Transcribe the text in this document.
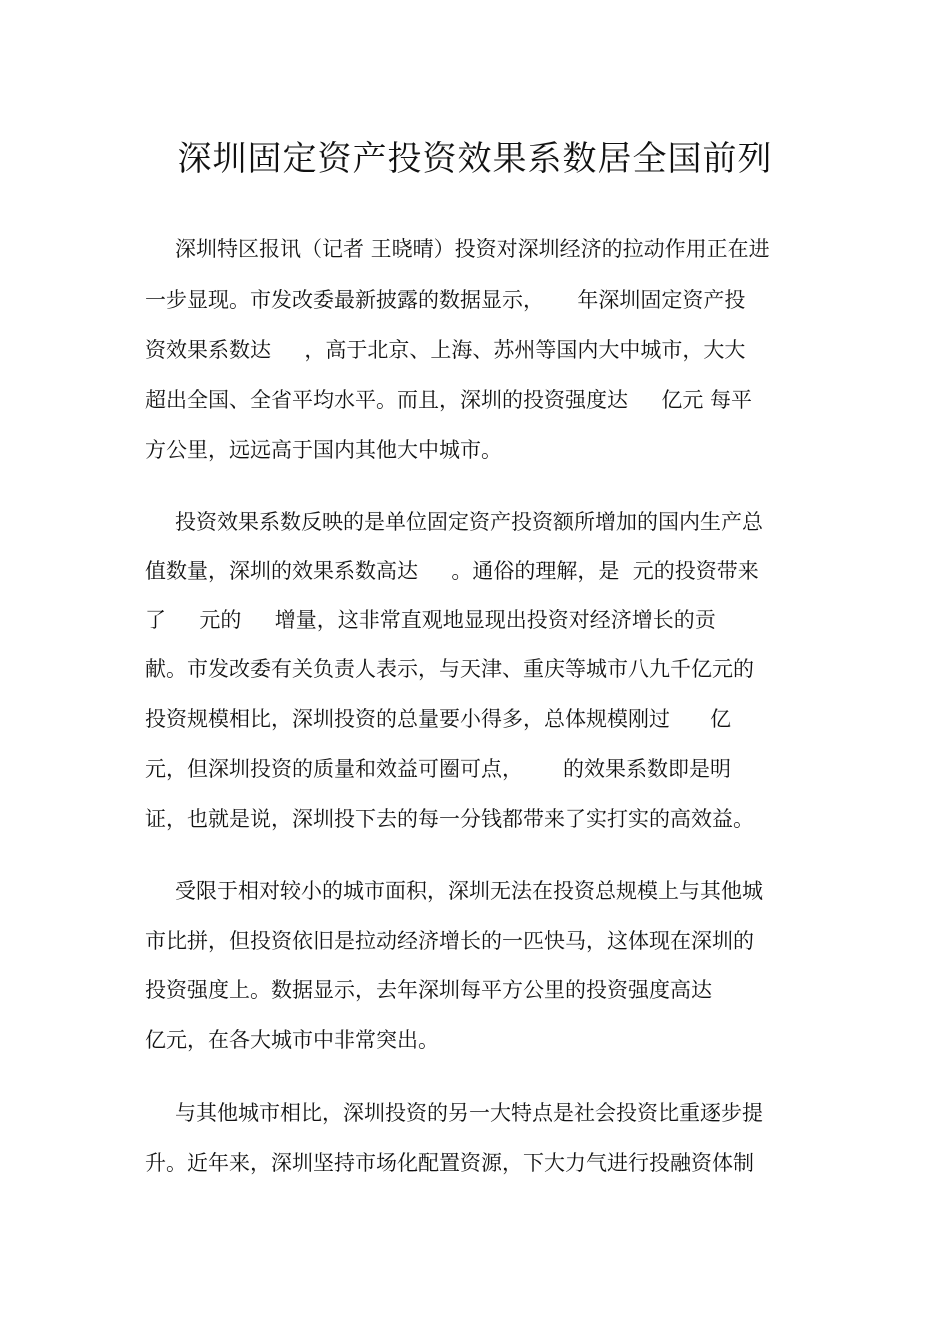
深圳固定资产投资效果系数居全国前列
深圳特区报讯（记者 王晓晴）投资对深圳经济的拉动作用正在进
一步显现。市发改委最新披露的数据显示，     年深圳固定资产投
资效果系数达     ，高于北京、上海、苏州等国内大中城市，大大
超出全国、全省平均水平。而且，深圳的投资强度达     亿元 每平
方公里，远远高于国内其他大中城市。
投资效果系数反映的是单位固定资产投资额所增加的国内生产总
值数量，深圳的效果系数高达     。通俗的理解，是  元的投资带来
了     元的     增量，这非常直观地显现出投资对经济增长的贡
献。市发改委有关负责人表示，与天津、重庆等城市八九千亿元的
投资规模相比，深圳投资的总量要小得多，总体规模刚过      亿
元，但深圳投资的质量和效益可圈可点，      的效果系数即是明
证，也就是说，深圳投下去的每一分钱都带来了实打实的高效益。
受限于相对较小的城市面积，深圳无法在投资总规模上与其他城
市比拼，但投资依旧是拉动经济增长的一匹快马，这体现在深圳的
投资强度上。数据显示，去年深圳每平方公里的投资强度高达
亿元，在各大城市中非常突出。
与其他城市相比，深圳投资的另一大特点是社会投资比重逐步提
升。近年来，深圳坚持市场化配置资源，下大力气进行投融资体制
